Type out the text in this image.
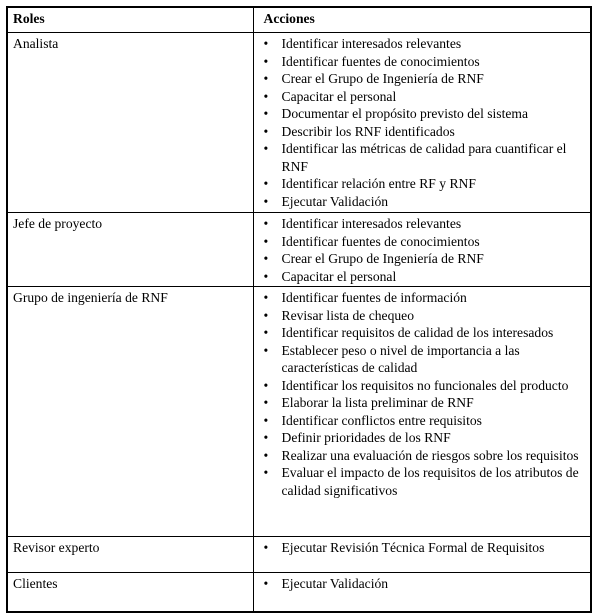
Roles	Acciones
Analista	• Identificar interesados relevantes
• Identificar fuentes de conocimientos
• Crear el Grupo de Ingeniería de RNF
• Capacitar el personal
• Documentar el propósito previsto del sistema
• Describir los RNF identificados
• Identificar las métricas de calidad para cuantificar el RNF
• Identificar relación entre RF y RNF
• Ejecutar Validación

Jefe de proyecto	• Identificar interesados relevantes
• Identificar fuentes de conocimientos
• Crear el Grupo de Ingeniería de RNF
• Capacitar el personal

Grupo de ingeniería de RNF	• Identificar fuentes de información
• Revisar lista de chequeo
• Identificar requisitos de calidad de los interesados
• Establecer peso o nivel de importancia a las características de calidad
• Identificar los requisitos no funcionales del producto
• Elaborar la lista preliminar de RNF
• Identificar conflictos entre requisitos
• Definir prioridades de los RNF
• Realizar una evaluación de riesgos sobre los requisitos
• Evaluar el impacto de los requisitos de los atributos de calidad significativos

Revisor experto	• Ejecutar Revisión Técnica Formal de Requisitos

Clientes	• Ejecutar Validación
